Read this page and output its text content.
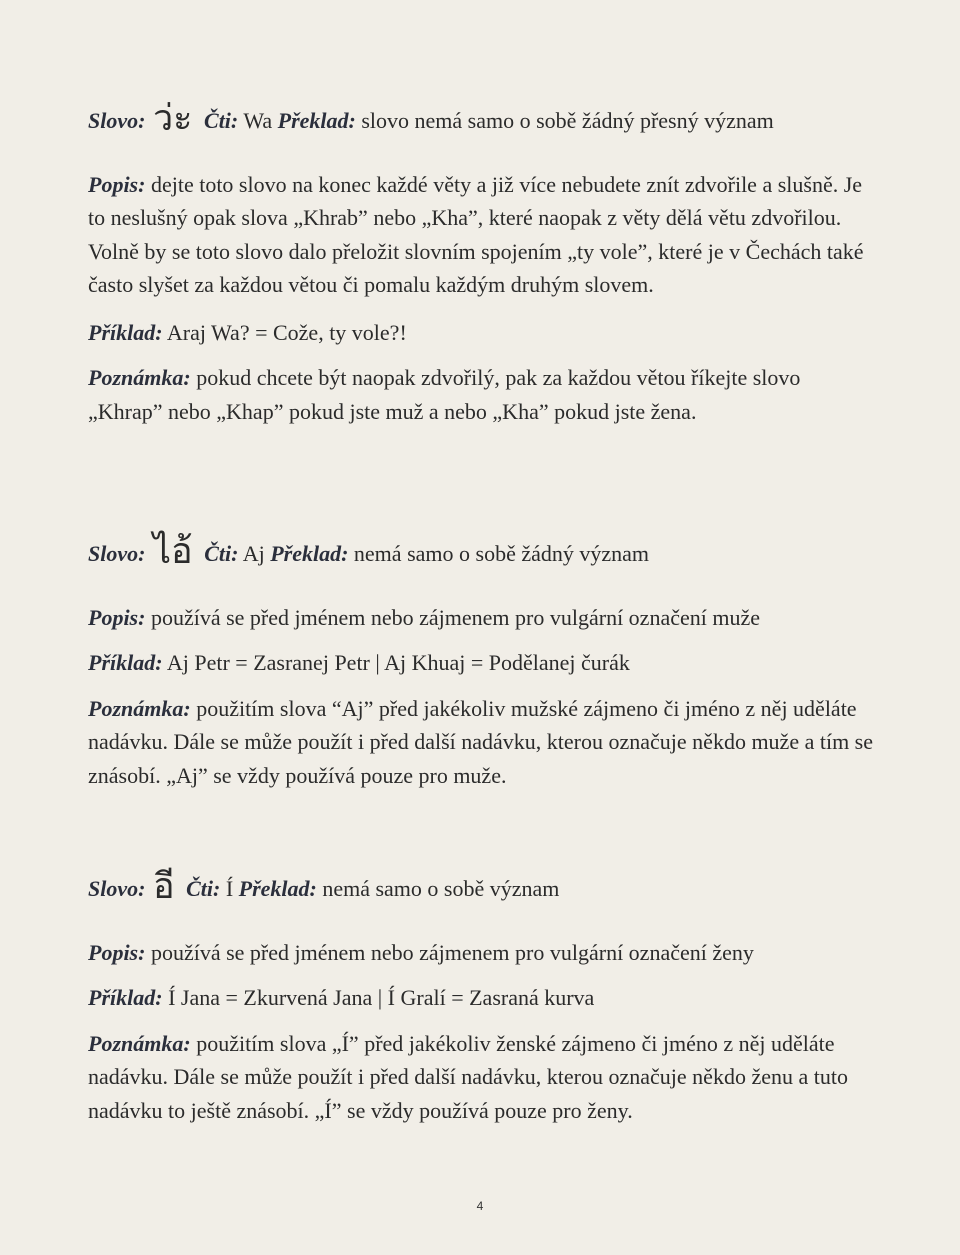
Slovo: ว่ะ Čti: Wa Překlad: slovo nemá samo o sobě žádný přesný význam

Popis: dejte toto slovo na konec každé věty a již více nebudete znít zdvořile a slušně. Je to neslušný opak slova „Khrab” nebo „Kha”, které naopak z věty dělá větu zdvořilou. Volně by se toto slovo dalo přeložit slovním spojením „ty vole”, které je v Čechách také často slyšet za každou větou či pomalu každým druhým slovem.

Příklad: Araj Wa? = Cože, ty vole?!

Poznámka: pokud chcete být naopak zdvořilý, pak za každou větou říkejte slovo „Khrap” nebo „Khap” pokud jste muž a nebo „Kha” pokud jste žena.

Slovo: ไอ้ Čti: Aj Překlad: nemá samo o sobě žádný význam

Popis: používá se před jménem nebo zájmenem pro vulgární označení muže

Příklad: Aj Petr = Zasranej Petr | Aj Khuaj = Podělanej čurák

Poznámka: použitím slova “Aj” před jakékoliv mužské zájmeno či jméno z něj uděláte nadávku. Dále se může použít i před další nadávku, kterou označuje někdo muže a tím se znásobí. „Aj” se vždy používá pouze pro muže.

Slovo: อี Čti: Í Překlad: nemá samo o sobě význam

Popis: používá se před jménem nebo zájmenem pro vulgární označení ženy

Příklad: Í Jana = Zkurvená Jana | Í Gralí = Zasraná kurva

Poznámka: použitím slova „Í” před jakékoliv ženské zájmeno či jméno z něj uděláte nadávku. Dále se může použít i před další nadávku, kterou označuje někdo ženu a tuto nadávku to ještě znásobí. „Í” se vždy používá pouze pro ženy.

4
